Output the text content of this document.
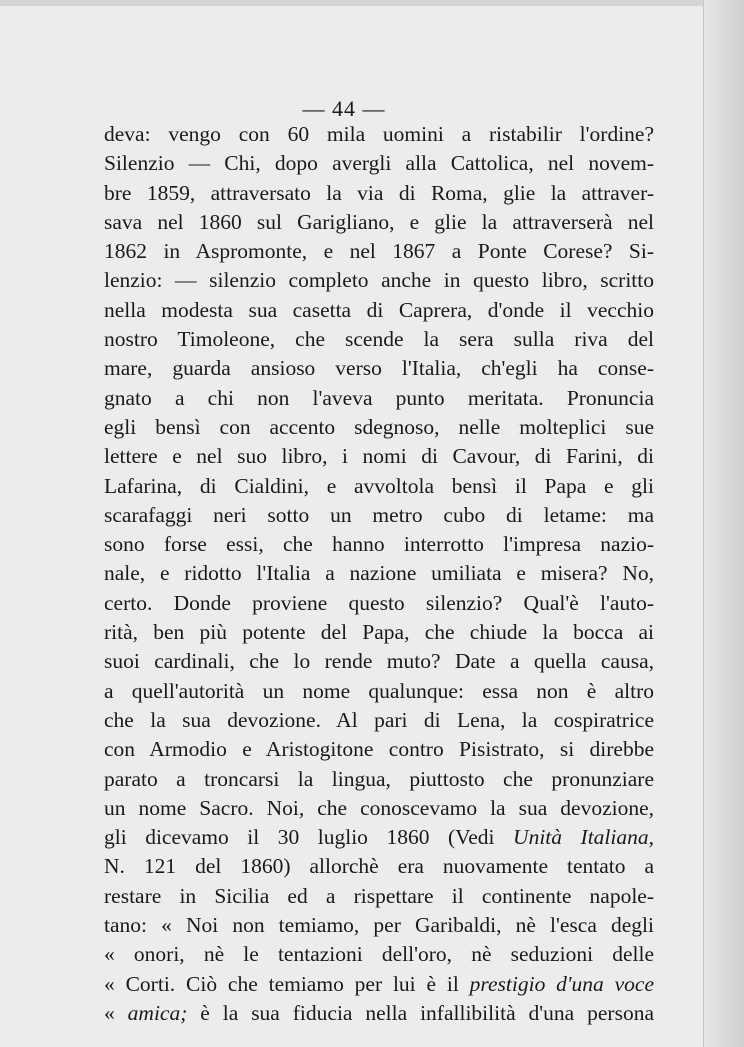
— 44 —
deva: vengo con 60 mila uomini a ristabilir l'ordine?
Silenzio — Chi, dopo avergli alla Cattolica, nel novem-
bre 1859, attraversato la via di Roma, glie la attraver-
sava nel 1860 sul Garigliano, e glie la attraverserà nel
1862 in Aspromonte, e nel 1867 a Ponte Corese? Si-
lenzio: — silenzio completo anche in questo libro, scritto
nella modesta sua casetta di Caprera, d'onde il vecchio
nostro Timoleone, che scende la sera sulla riva del
mare, guarda ansioso verso l'Italia, ch'egli ha conse-
gnato a chi non l'aveva punto meritata. Pronuncia
egli bensì con accento sdegnoso, nelle molteplici sue
lettere e nel suo libro, i nomi di Cavour, di Farini, di
Lafarina, di Cialdini, e avvoltola bensì il Papa e gli
scarafaggi neri sotto un metro cubo di letame: ma
sono forse essi, che hanno interrotto l'impresa nazio-
nale, e ridotto l'Italia a nazione umiliata e misera? No,
certo. Donde proviene questo silenzio? Qual'è l'auto-
rità, ben più potente del Papa, che chiude la bocca ai
suoi cardinali, che lo rende muto? Date a quella causa,
a quell'autorità un nome qualunque: essa non è altro
che la sua devozione. Al pari di Lena, la cospiratrice
con Armodio e Aristogitone contro Pisistrato, si direbbe
parato a troncarsi la lingua, piuttosto che pronunziare
un nome Sacro. Noi, che conoscevamo la sua devozione,
gli dicevamo il 30 luglio 1860 (Vedi Unità Italiana,
N. 121 del 1860) allorchè era nuovamente tentato a
restare in Sicilia ed a rispettare il continente napole-
tano: « Noi non temiamo, per Garibaldi, nè l'esca degli
« onori, nè le tentazioni dell'oro, nè seduzioni delle
« Corti. Ciò che temiamo per lui è il prestigio d'una voce
« amica; è la sua fiducia nella infallibilità d'una persona
